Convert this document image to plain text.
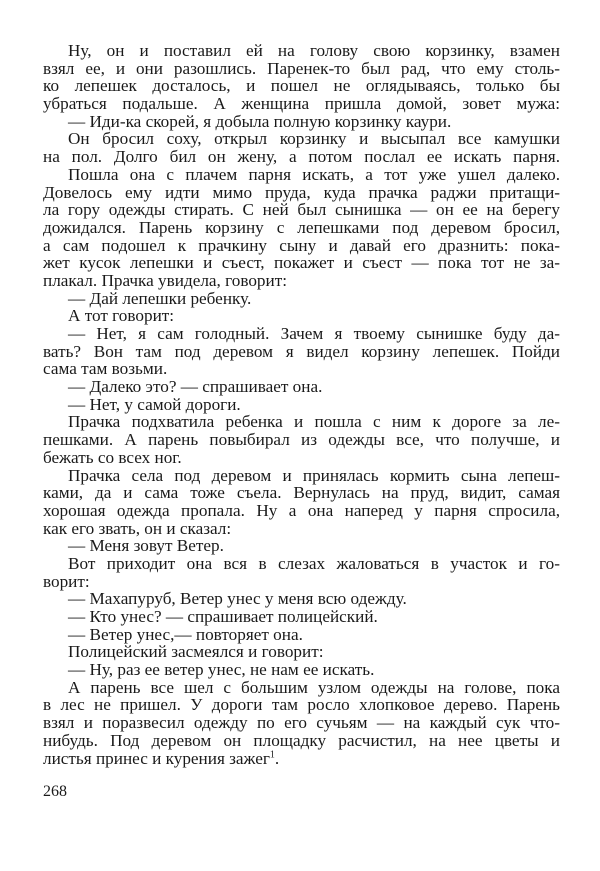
Ну, он и поставил ей на голову свою корзинку, взамен
взял ее, и они разошлись. Паренек-то был рад, что ему столь-
ко лепешек досталось, и пошел не оглядываясь, только бы
убраться подальше. А женщина пришла домой, зовет мужа:
— Иди-ка скорей, я добыла полную корзинку каури.
Он бросил соху, открыл корзинку и высыпал все камушки
на пол. Долго бил он жену, а потом послал ее искать парня.
Пошла она с плачем парня искать, а тот уже ушел далеко.
Довелось ему идти мимо пруда, куда прачка раджи притащи-
ла гору одежды стирать. С ней был сынишка — он ее на берегу
дожидался. Парень корзину с лепешками под деревом бросил,
а сам подошел к прачкину сыну и давай его дразнить: пока-
жет кусок лепешки и съест, покажет и съест — пока тот не за-
плакал. Прачка увидела, говорит:
— Дай лепешки ребенку.
А тот говорит:
— Нет, я сам голодный. Зачем я твоему сынишке буду да-
вать? Вон там под деревом я видел корзину лепешек. Пойди
сама там возьми.
— Далеко это? — спрашивает она.
— Нет, у самой дороги.
Прачка подхватила ребенка и пошла с ним к дороге за ле-
пешками. А парень повыбирал из одежды все, что получше, и
бежать со всех ног.
Прачка села под деревом и принялась кормить сына лепеш-
ками, да и сама тоже съела. Вернулась на пруд, видит, самая
хорошая одежда пропала. Ну а она наперед у парня спросила,
как его звать, он и сказал:
— Меня зовут Ветер.
Вот приходит она вся в слезах жаловаться в участок и го-
ворит:
— Махапуруб, Ветер унес у меня всю одежду.
— Кто унес? — спрашивает полицейский.
— Ветер унес,— повторяет она.
Полицейский засмеялся и говорит:
— Ну, раз ее ветер унес, не нам ее искать.
А парень все шел с большим узлом одежды на голове, пока
в лес не пришел. У дороги там росло хлопковое дерево. Парень
взял и поразвесил одежду по его сучьям — на каждый сук что-
нибудь. Под деревом он площадку расчистил, на нее цветы и
листья принес и курения зажег$^1$.
268
